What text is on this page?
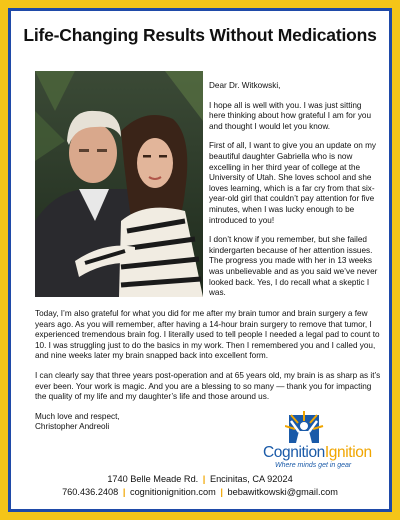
Life-Changing Results Without Medications

Dear Dr. Witkowski,

I hope all is well with you. I was just sitting here thinking about how grateful I am for you and thought I would let you know.

First of all, I want to give you an update on my beautiful daughter Gabriella who is now excelling in her third year of college at the University of Utah. She loves school and she loves learning, which is a far cry from that six-year-old girl that couldn’t pay attention for five minutes, when I was lucky enough to be introduced to you!

I don’t know if you remember, but she failed kindergarten because of her attention issues. The progress you made with her in 13 weeks was unbelievable and as you said we’ve never looked back. Yes, I do recall what a skeptic I was.

Today, I’m also grateful for what you did for me after my brain tumor and brain surgery a few years ago. As you will remember, after having a 14-hour brain surgery to remove that tumor, I experienced tremendous brain fog. I literally used to tell people I needed a legal pad to count to 10. I was struggling just to do the basics in my work. Then I remembered you and I called you, and nine weeks later my brain snapped back into excellent form.

I can clearly say that three years post-operation and at 65 years old, my brain is as sharp as it’s ever been. Your work is magic. And you are a blessing to so many — thank you for impacting the quality of my life and my daughter’s life and those around us.

Much love and respect,
Christopher Andreoli

CognitionIgnition
Where minds get in gear
1740 Belle Meade Rd. | Encinitas, CA 92024
760.436.2408 | cognitionignition.com | bebawitkowski@gmail.com
